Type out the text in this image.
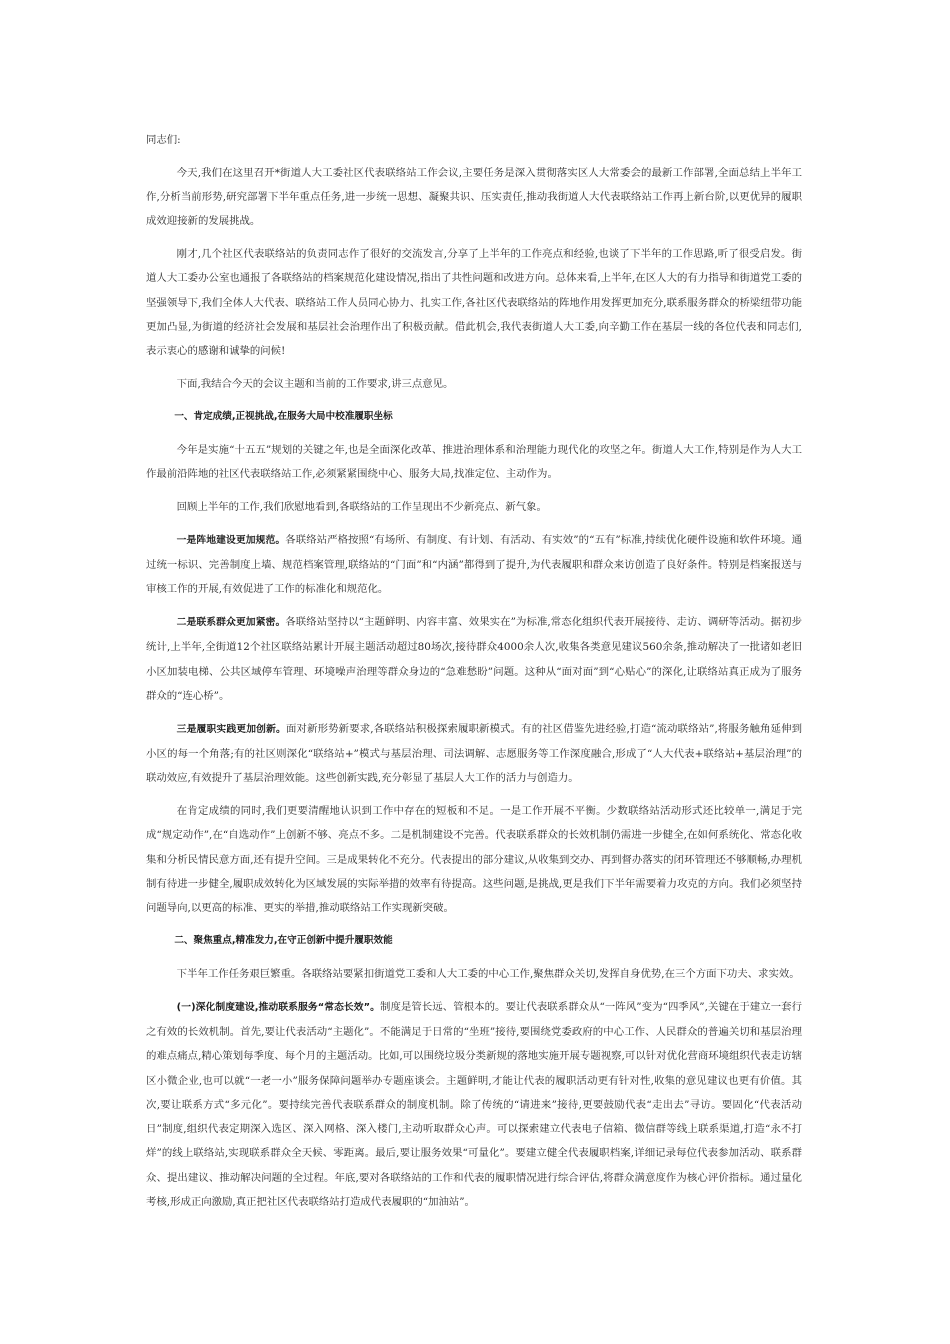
同志们:

今天,我们在这里召开*街道人大工委社区代表联络站工作会议,主要任务是深入贯彻落实区人大常委会的最新工作部署,全面总结上半年工作,分析当前形势,研究部署下半年重点任务,进一步统一思想、凝聚共识、压实责任,推动我街道人大代表联络站工作再上新台阶,以更优异的履职成效迎接新的发展挑战。

刚才,几个社区代表联络站的负责同志作了很好的交流发言,分享了上半年的工作亮点和经验,也谈了下半年的工作思路,听了很受启发。街道人大工委办公室也通报了各联络站的档案规范化建设情况,指出了共性问题和改进方向。总体来看,上半年,在区人大的有力指导和街道党工委的坚强领导下,我们全体人大代表、联络站工作人员同心协力、扎实工作,各社区代表联络站的阵地作用发挥更加充分,联系服务群众的桥梁纽带功能更加凸显,为街道的经济社会发展和基层社会治理作出了积极贡献。借此机会,我代表街道人大工委,向辛勤工作在基层一线的各位代表和同志们,表示衷心的感谢和诚挚的问候!

下面,我结合今天的会议主题和当前的工作要求,讲三点意见。

一、肯定成绩,正视挑战,在服务大局中校准履职坐标

今年是实施“十五五”规划的关键之年,也是全面深化改革、推进治理体系和治理能力现代化的攻坚之年。街道人大工作,特别是作为人大工作最前沿阵地的社区代表联络站工作,必须紧紧围绕中心、服务大局,找准定位、主动作为。

回顾上半年的工作,我们欣慰地看到,各联络站的工作呈现出不少新亮点、新气象。

一是阵地建设更加规范。各联络站严格按照“有场所、有制度、有计划、有活动、有实效”的“五有”标准,持续优化硬件设施和软件环境。通过统一标识、完善制度上墙、规范档案管理,联络站的“门面”和“内涵”都得到了提升,为代表履职和群众来访创造了良好条件。特别是档案报送与审核工作的开展,有效促进了工作的标准化和规范化。

二是联系群众更加紧密。各联络站坚持以“主题鲜明、内容丰富、效果实在”为标准,常态化组织代表开展接待、走访、调研等活动。据初步统计,上半年,全街道12个社区联络站累计开展主题活动超过80场次,接待群众4000余人次,收集各类意见建议560余条,推动解决了一批诸如老旧小区加装电梯、公共区域停车管理、环境噪声治理等群众身边的“急难愁盼”问题。这种从“面对面”到“心贴心”的深化,让联络站真正成为了服务群众的“连心桥”。

三是履职实践更加创新。面对新形势新要求,各联络站积极探索履职新模式。有的社区借鉴先进经验,打造“流动联络站”,将服务触角延伸到小区的每一个角落;有的社区则深化“联络站+”模式与基层治理、司法调解、志愿服务等工作深度融合,形成了“人大代表+联络站+基层治理”的联动效应,有效提升了基层治理效能。这些创新实践,充分彰显了基层人大工作的活力与创造力。

在肯定成绩的同时,我们更要清醒地认识到工作中存在的短板和不足。一是工作开展不平衡。少数联络站活动形式还比较单一,满足于完成“规定动作”,在“自选动作”上创新不够、亮点不多。二是机制建设不完善。代表联系群众的长效机制仍需进一步健全,在如何系统化、常态化收集和分析民情民意方面,还有提升空间。三是成果转化不充分。代表提出的部分建议,从收集到交办、再到督办落实的闭环管理还不够顺畅,办理机制有待进一步健全,履职成效转化为区域发展的实际举措的效率有待提高。这些问题,是挑战,更是我们下半年需要着力攻克的方向。我们必须坚持问题导向,以更高的标准、更实的举措,推动联络站工作实现新突破。

二、聚焦重点,精准发力,在守正创新中提升履职效能

下半年工作任务艰巨繁重。各联络站要紧扣街道党工委和人大工委的中心工作,聚焦群众关切,发挥自身优势,在三个方面下功夫、求实效。

(一)深化制度建设,推动联系服务“常态长效”。制度是管长远、管根本的。要让代表联系群众从“一阵风”变为“四季风”,关键在于建立一套行之有效的长效机制。首先,要让代表活动“主题化”。不能满足于日常的“坐班”接待,要围绕党委政府的中心工作、人民群众的普遍关切和基层治理的难点痛点,精心策划每季度、每个月的主题活动。比如,可以围绕垃圾分类新规的落地实施开展专题视察,可以针对优化营商环境组织代表走访辖区小微企业,也可以就“一老一小”服务保障问题举办专题座谈会。主题鲜明,才能让代表的履职活动更有针对性,收集的意见建议也更有价值。其次,要让联系方式“多元化”。要持续完善代表联系群众的制度机制。除了传统的“请进来”接待,更要鼓励代表“走出去”寻访。要固化“代表活动日”制度,组织代表定期深入选区、深入网格、深入楼门,主动听取群众心声。可以探索建立代表电子信箱、微信群等线上联系渠道,打造“永不打烊”的线上联络站,实现联系群众全天候、零距离。最后,要让服务效果“可量化”。要建立健全代表履职档案,详细记录每位代表参加活动、联系群众、提出建议、推动解决问题的全过程。年底,要对各联络站的工作和代表的履职情况进行综合评估,将群众满意度作为核心评价指标。通过量化考核,形成正向激励,真正把社区代表联络站打造成代表履职的“加油站”。
